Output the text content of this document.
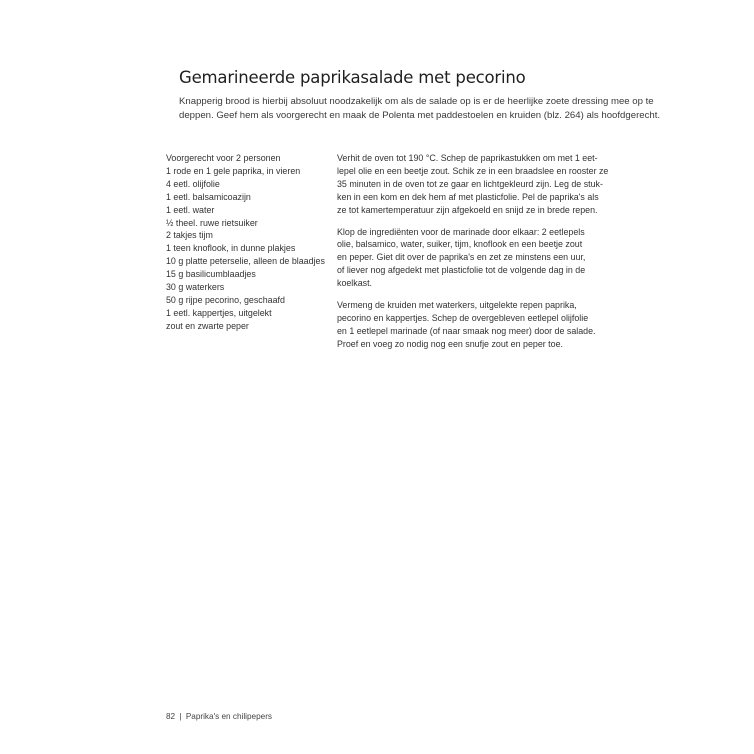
Gemarineerde paprikasalade met pecorino
Knapperig brood is hierbij absoluut noodzakelijk om als de salade op is er de heerlijke zoete dressing mee op te
deppen. Geef hem als voorgerecht en maak de Polenta met paddestoelen en kruiden (blz. 264) als hoofdgerecht.
Voorgerecht voor 2 personen
1 rode en 1 gele paprika, in vieren
4 eetl. olijfolie
1 eetl. balsamicoazijn
1 eetl. water
½ theel. ruwe rietsuiker
2 takjes tijm
1 teen knoflook, in dunne plakjes
10 g platte peterselie, alleen de blaadjes
15 g basilicumblaadjes
30 g waterkers
50 g rijpe pecorino, geschaafd
1 eetl. kappertjes, uitgelekt
zout en zwarte peper
Verhit de oven tot 190 °C. Schep de paprikastukken om met 1 eet-
lepel olie en een beetje zout. Schik ze in een braadslee en rooster ze
35 minuten in de oven tot ze gaar en lichtgekleurd zijn. Leg de stuk-
ken in een kom en dek hem af met plasticfolie. Pel de paprika's als
ze tot kamertemperatuur zijn afgekoeld en snijd ze in brede repen.
Klop de ingrediënten voor de marinade door elkaar: 2 eetlepels
olie, balsamico, water, suiker, tijm, knoflook en een beetje zout
en peper. Giet dit over de paprika's en zet ze minstens een uur,
of liever nog afgedekt met plasticfolie tot de volgende dag in de
koelkast.
Vermeng de kruiden met waterkers, uitgelekte repen paprika,
pecorino en kappertjes. Schep de overgebleven eetlepel olijfolie
en 1 eetlepel marinade (of naar smaak nog meer) door de salade.
Proef en voeg zo nodig nog een snufje zout en peper toe.
82 | Paprika's en chilipepers
